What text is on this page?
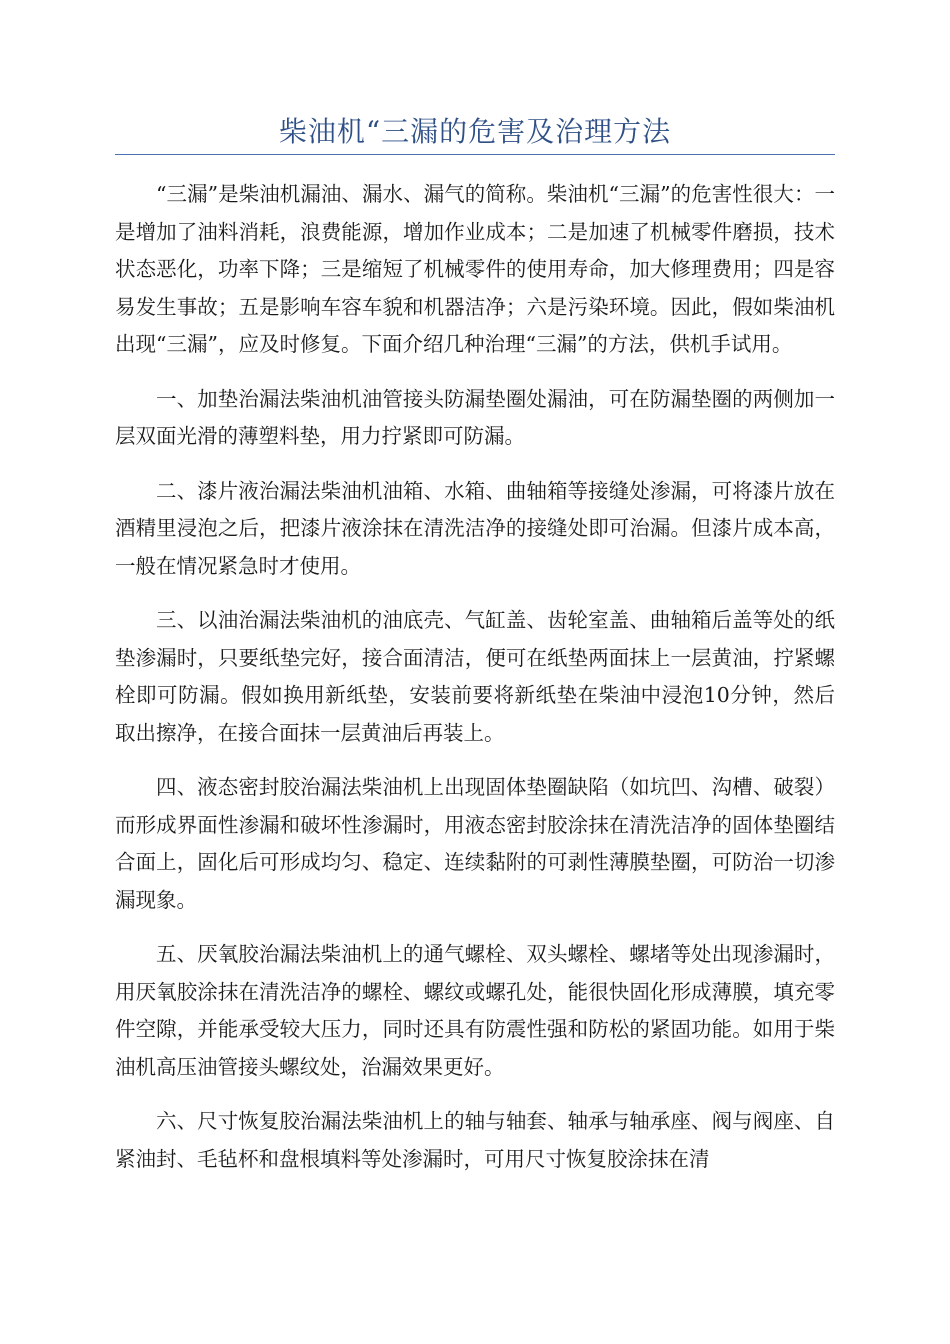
柴油机“三漏的危害及治理方法

“三漏”是柴油机漏油、漏水、漏气的简称。柴油机“三漏”的危害性很大：一是增加了油料消耗，浪费能源，增加作业成本；二是加速了机械零件磨损，技术状态恶化，功率下降；三是缩短了机械零件的使用寿命，加大修理费用；四是容易发生事故；五是影响车容车貌和机器洁净；六是污染环境。因此，假如柴油机出现“三漏”，应及时修复。下面介绍几种治理“三漏”的方法，供机手试用。

一、加垫治漏法柴油机油管接头防漏垫圈处漏油，可在防漏垫圈的两侧加一层双面光滑的薄塑料垫，用力拧紧即可防漏。

二、漆片液治漏法柴油机油箱、水箱、曲轴箱等接缝处渗漏，可将漆片放在酒精里浸泡之后，把漆片液涂抹在清洗洁净的接缝处即可治漏。但漆片成本高，一般在情况紧急时才使用。

三、以油治漏法柴油机的油底壳、气缸盖、齿轮室盖、曲轴箱后盖等处的纸垫渗漏时，只要纸垫完好，接合面清洁，便可在纸垫两面抹上一层黄油，拧紧螺栓即可防漏。假如换用新纸垫，安装前要将新纸垫在柴油中浸泡10分钟，然后取出擦净，在接合面抹一层黄油后再装上。

四、液态密封胶治漏法柴油机上出现固体垫圈缺陷（如坑凹、沟槽、破裂）而形成界面性渗漏和破坏性渗漏时，用液态密封胶涂抹在清洗洁净的固体垫圈结合面上，固化后可形成均匀、稳定、连续黏附的可剥性薄膜垫圈，可防治一切渗漏现象。

五、厌氧胶治漏法柴油机上的通气螺栓、双头螺栓、螺堵等处出现渗漏时，用厌氧胶涂抹在清洗洁净的螺栓、螺纹或螺孔处，能很快固化形成薄膜，填充零件空隙，并能承受较大压力，同时还具有防震性强和防松的紧固功能。如用于柴油机高压油管接头螺纹处，治漏效果更好。

六、尺寸恢复胶治漏法柴油机上的轴与轴套、轴承与轴承座、阀与阀座、自紧油封、毛毡杯和盘根填料等处渗漏时，可用尺寸恢复胶涂抹在清
